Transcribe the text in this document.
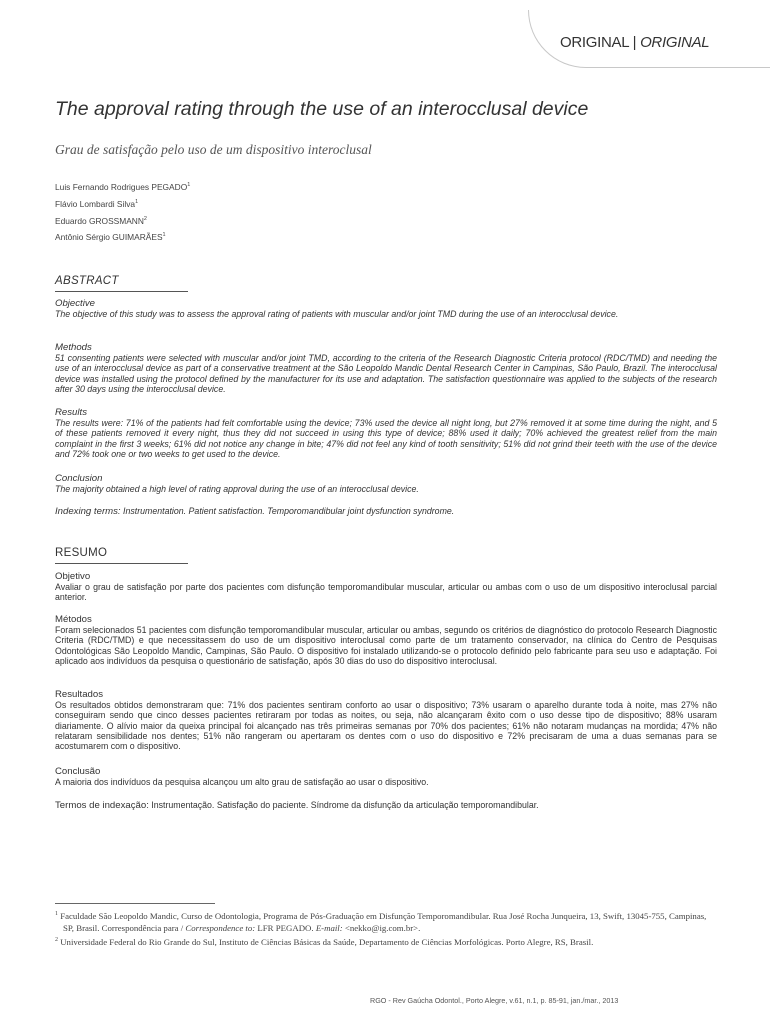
ORIGINAL | ORIGINAL
The approval rating through the use of an interocclusal device

Grau de satisfação pelo uso de um dispositivo interoclusal

Luis Fernando Rodrigues PEGADO$^1$
Flávio Lombardi Silva$^1$
Eduardo GROSSMANN$^2$
Antônio Sérgio GUIMARÃES$^1$
ABSTRACT

Objective

The objective of this study was to assess the approval rating of patients with muscular and/or joint TMD during the use of an interocclusal device.

Methods

51 consenting patients were selected with muscular and/or joint TMD, according to the criteria of the Research Diagnostic Criteria protocol (RDC/TMD) and needing the use of an interocclusal device as part of a conservative treatment at the São Leopoldo Mandic Dental Research Center in Campinas, São Paulo, Brazil. The interocclusal device was installed using the protocol defined by the manufacturer for its use and adaptation. The satisfaction questionnaire was applied to the subjects of the research after 30 days using the interocclusal device.

Results

The results were: 71% of the patients had felt comfortable using the device; 73% used the device all night long, but 27% removed it at some time during the night, and 5 of these patients removed it every night, thus they did not succeed in using this type of device; 88% used it daily; 70% achieved the greatest relief from the main complaint in the first 3 weeks; 61% did not notice any change in bite; 47% did not feel any kind of tooth sensitivity; 51% did not grind their teeth with the use of the device and 72% took one or two weeks to get used to the device.

Conclusion

The majority obtained a high level of rating approval during the use of an interocclusal device.

Indexing terms: Instrumentation. Patient satisfaction. Temporomandibular joint dysfunction syndrome.
RESUMO

Objetivo

Avaliar o grau de satisfação por parte dos pacientes com disfunção temporomandibular muscular, articular ou ambas com o uso de um dispositivo interoclusal parcial anterior.

Métodos

Foram selecionados 51 pacientes com disfunção temporomandibular muscular, articular ou ambas, segundo os critérios de diagnóstico do protocolo Research Diagnostic Criteria (RDC/TMD) e que necessitassem do uso de um dispositivo interoclusal como parte de um tratamento conservador, na clínica do Centro de Pesquisas Odontológicas São Leopoldo Mandic, Campinas, São Paulo. O dispositivo foi instalado utilizando-se o protocolo definido pelo fabricante para seu uso e adaptação. Foi aplicado aos indivíduos da pesquisa o questionário de satisfação, após 30 dias do uso do dispositivo interoclusal.

Resultados

Os resultados obtidos demonstraram que: 71% dos pacientes sentiram conforto ao usar o dispositivo; 73% usaram o aparelho durante toda à noite, mas 27% não conseguiram sendo que cinco desses pacientes retiraram por todas as noites, ou seja, não alcançaram êxito com o uso desse tipo de dispositivo; 88% usaram diariamente. O alívio maior da queixa principal foi alcançado nas três primeiras semanas por 70% dos pacientes; 61% não notaram mudanças na mordida; 47% não relataram sensibilidade nos dentes; 51% não rangeram ou apertaram os dentes com o uso do dispositivo e 72% precisaram de uma a duas semanas para se acostumarem com o dispositivo.

Conclusão

A maioria dos indivíduos da pesquisa alcançou um alto grau de satisfação ao usar o dispositivo.

Termos de indexação: Instrumentação. Satisfação do paciente. Síndrome da disfunção da articulação temporomandibular.

$^1$ Faculdade São Leopoldo Mandic, Curso de Odontologia, Programa de Pós-Graduação em Disfunção Temporomandibular. Rua José Rocha Junqueira, 13, Swift, 13045-755, Campinas, SP, Brasil. Correspondência para / Correspondence to: LFR PEGADO. E-mail: <nekko@ig.com.br>.

$^2$ Universidade Federal do Rio Grande do Sul, Instituto de Ciências Básicas da Saúde, Departamento de Ciências Morfológicas. Porto Alegre, RS, Brasil.

RGO - Rev Gaúcha Odontol., Porto Alegre, v.61, n.1, p. 85-91, jan./mar., 2013
